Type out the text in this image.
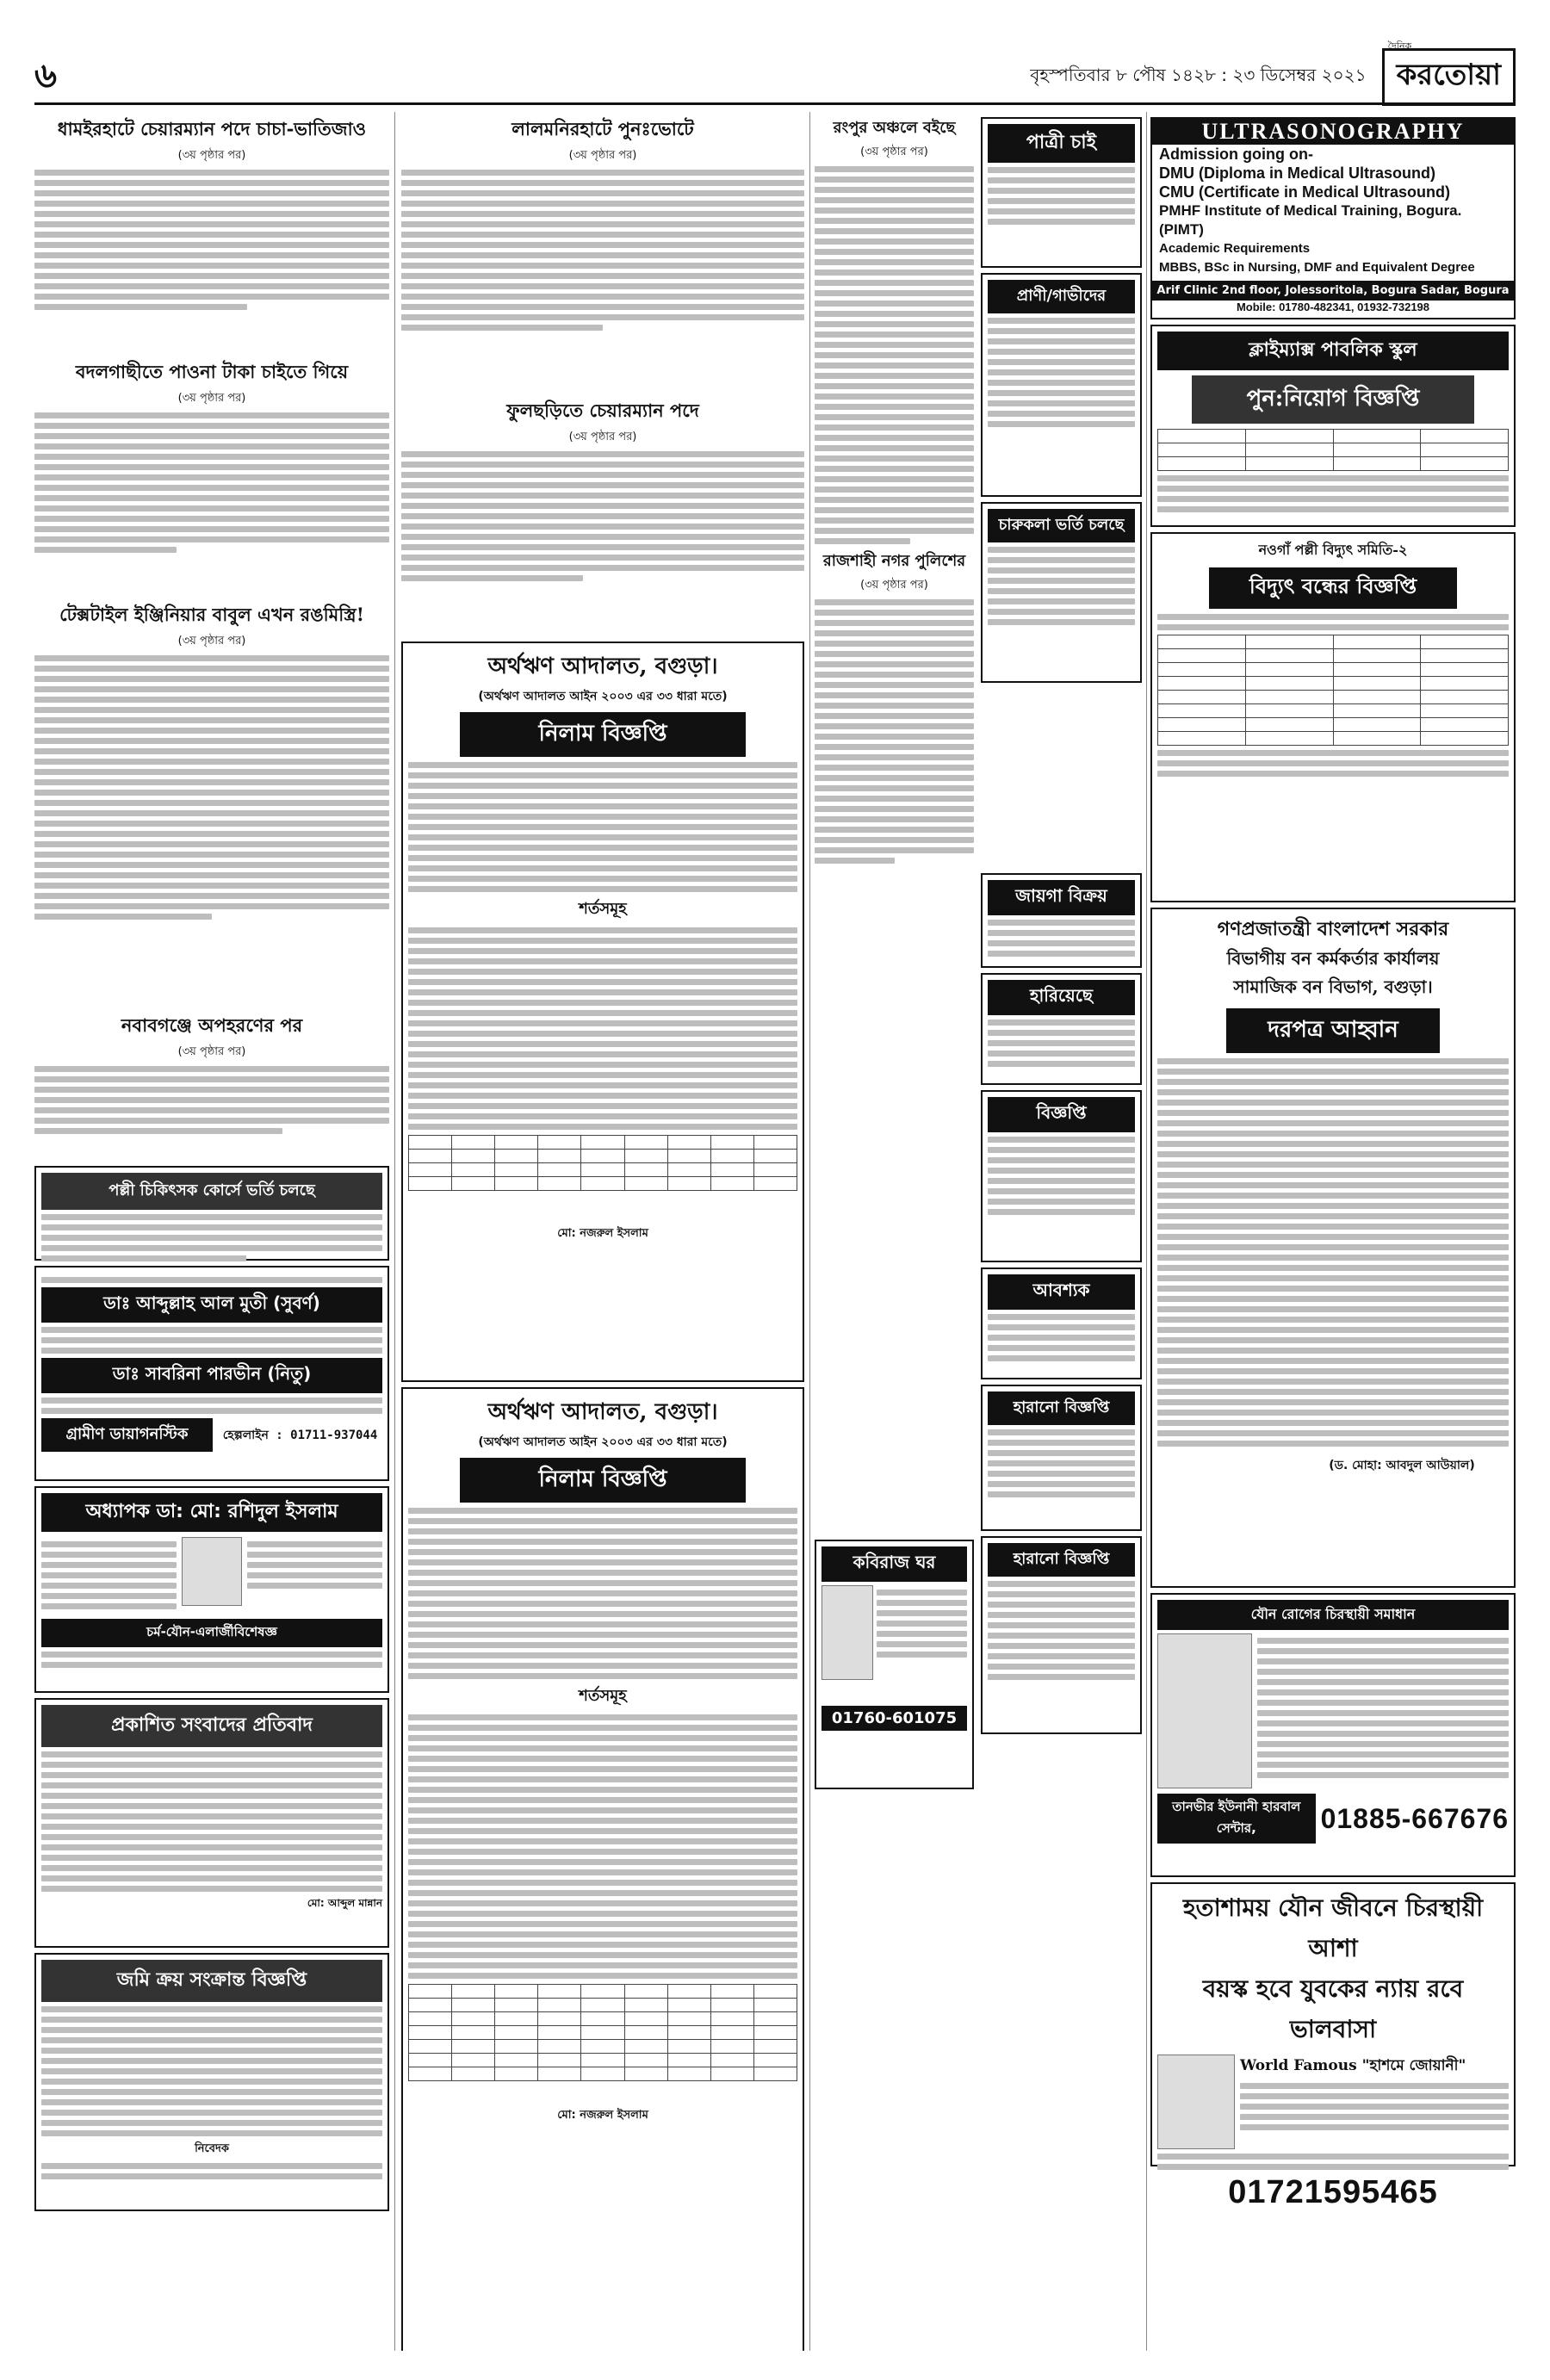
৬	বৃহস্পতিবার ৮ পৌষ ১৪২৮ : ২৩ ডিসেম্বর ২০২১
দৈনিক
করতোয়া
ধামইরহাটে চেয়ারম্যান পদে চাচা-ভাতিজাও
(৩য় পৃষ্ঠার পর)
বদলগাছীতে পাওনা টাকা চাইতে গিয়ে
(৩য় পৃষ্ঠার পর)
টেক্সটাইল ইঞ্জিনিয়ার বাবুল এখন রঙমিস্ত্রি!
(৩য় পৃষ্ঠার পর)
নবাবগঞ্জে অপহরণের পর
(৩য় পৃষ্ঠার পর)
পল্লী চিকিৎসক কোর্সে ভর্তি চলছে
ডাঃ আব্দুল্লাহ আল মুতী (সুবর্ণ)
ডাঃ সাবরিনা পারভীন (নিতু)
গ্রামীণ ডায়াগনস্টিক	হেল্পলাইন : 01711-937044
অধ্যাপক ডা: মো: রশিদুল ইসলাম
চর্ম-যৌন-এলার্জীবিশেষজ্ঞ
প্রকাশিত সংবাদের প্রতিবাদ
মো: আব্দুল মান্নান
জমি ক্রয় সংক্রান্ত বিজ্ঞপ্তি
নিবেদক
লালমনিরহাটে পুনঃভোটে
(৩য় পৃষ্ঠার পর)
ফুলছড়িতে চেয়ারম্যান পদে
(৩য় পৃষ্ঠার পর)
অর্থঋণ আদালত, বগুড়া।
(অর্থঋণ আদালত আইন ২০০৩ এর ৩৩ ধারা মতে)
নিলাম বিজ্ঞপ্তি
শর্তসমূহ

মো: নজরুল ইসলাম
অর্থঋণ আদালত, বগুড়া।
(অর্থঋণ আদালত আইন ২০০৩ এর ৩৩ ধারা মতে)
নিলাম বিজ্ঞপ্তি
শর্তসমূহ

মো: নজরুল ইসলাম
রংপুর অঞ্চলে বইছে
(৩য় পৃষ্ঠার পর)
রাজশাহী নগর পুলিশের
(৩য় পৃষ্ঠার পর)
পাত্রী চাই
প্রাণী/গাভীদের
চারুকলা ভর্তি চলছে
কবিরাজ ঘর
01760-601075
জায়গা বিক্রয়
হারিয়েছে
বিজ্ঞপ্তি
আবশ্যক
হারানো বিজ্ঞপ্তি
হারানো বিজ্ঞপ্তি
ULTRASONOGRAPHY
Admission going on-
DMU (Diploma in Medical Ultrasound)
CMU (Certificate in Medical Ultrasound)
PMHF Institute of Medical Training, Bogura. (PIMT)
Academic Requirements
MBBS, BSc in Nursing, DMF and Equivalent Degree
Arif Clinic 2nd floor, Jolessoritola, Bogura Sadar, Bogura
Mobile: 01780-482341, 01932-732198
ক্লাইম্যাক্স পাবলিক স্কুল
পুন:নিয়োগ বিজ্ঞপ্তি

নওগাঁ পল্লী বিদ্যুৎ সমিতি-২
বিদ্যুৎ বন্ধের বিজ্ঞপ্তি

গণপ্রজাতন্ত্রী বাংলাদেশ সরকার
বিভাগীয় বন কর্মকর্তার কার্যালয়
সামাজিক বন বিভাগ, বগুড়া।
দরপত্র আহ্বান
(ড. মোহা: আবদুল আউয়াল)
যৌন রোগের চিরস্থায়ী সমাধান
তানভীর ইউনানী হারবাল সেন্টার,	01885-667676
হতাশাময় যৌন জীবনে চিরস্থায়ী আশা
বয়স্ক হবে যুবকের ন্যায় রবে ভালবাসা
World Famous "হাশমে জোয়ানী"
01721595465
